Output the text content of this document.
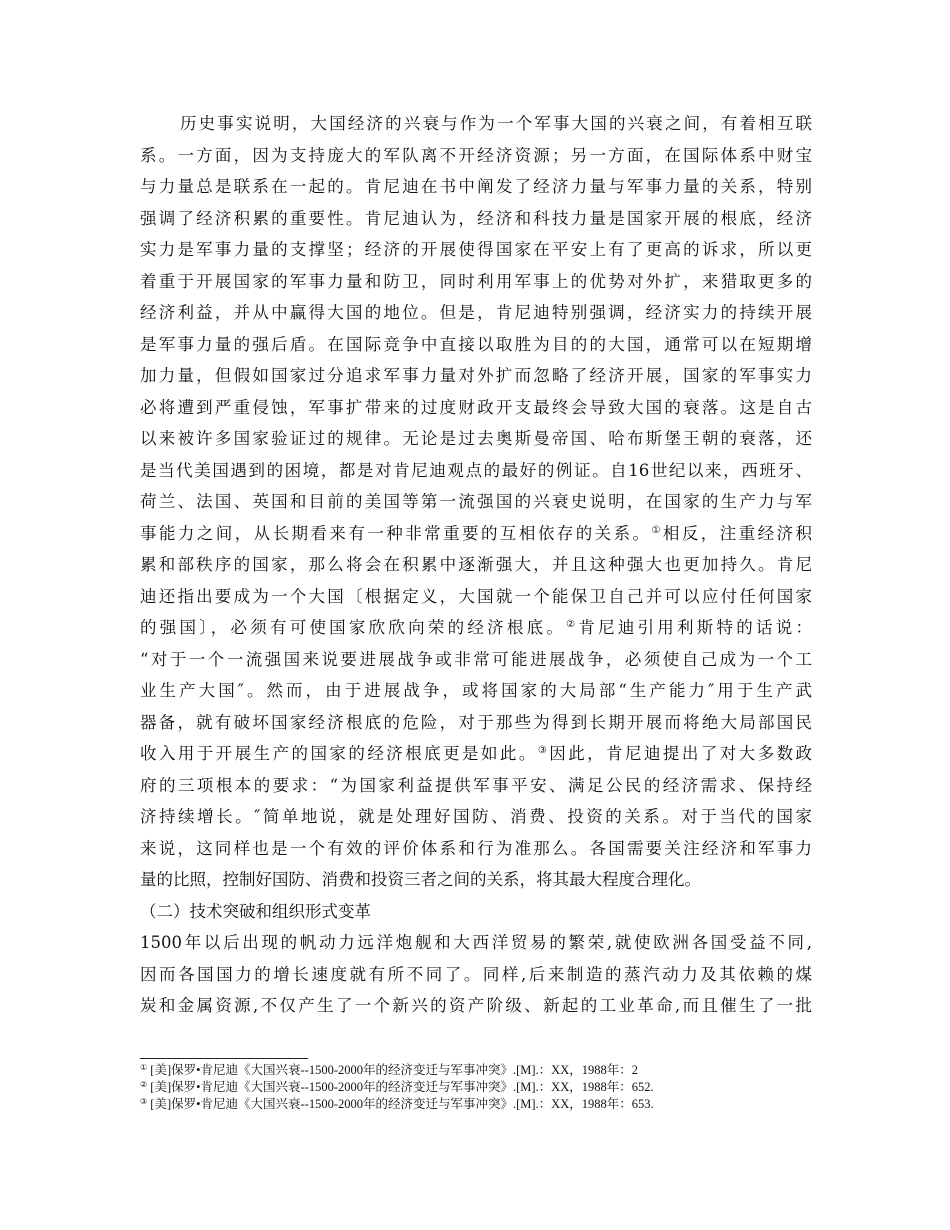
历史事实说明，大国经济的兴衰与作为一个军事大国的兴衰之间，有着相互联
系。一方面，因为支持庞大的军队离不开经济资源；另一方面，在国际体系中财宝
与力量总是联系在一起的。肯尼迪在书中阐发了经济力量与军事力量的关系，特别
强调了经济积累的重要性。肯尼迪认为，经济和科技力量是国家开展的根底，经济
实力是军事力量的支撑坚；经济的开展使得国家在平安上有了更高的诉求，所以更
着重于开展国家的军事力量和防卫，同时利用军事上的优势对外扩，来猎取更多的
经济利益，并从中赢得大国的地位。但是，肯尼迪特别强调，经济实力的持续开展
是军事力量的强后盾。在国际竞争中直接以取胜为目的的大国，通常可以在短期增
加力量，但假如国家过分追求军事力量对外扩而忽略了经济开展，国家的军事实力
必将遭到严重侵蚀，军事扩带来的过度财政开支最终会导致大国的衰落。这是自古
以来被许多国家验证过的规律。无论是过去奥斯曼帝国、哈布斯堡王朝的衰落，还
是当代美国遇到的困境，都是对肯尼迪观点的最好的例证。自16世纪以来，西班牙、
荷兰、法国、英国和目前的美国等第一流强国的兴衰史说明，在国家的生产力与军
事能力之间，从长期看来有一种非常重要的互相依存的关系。①相反，注重经济积
累和部秩序的国家，那么将会在积累中逐渐强大，并且这种强大也更加持久。肯尼
迪还指出要成为一个大国〔根据定义，大国就一个能保卫自己并可以应付任何国家
的强国〕，必须有可使国家欣欣向荣的经济根底。②肯尼迪引用利斯特的话说：
“对于一个一流强国来说要进展战争或非常可能进展战争，必须使自己成为一个工
业生产大国″。然而，由于进展战争，或将国家的大局部“生产能力″用于生产武
器备，就有破坏国家经济根底的危险，对于那些为得到长期开展而将绝大局部国民
收入用于开展生产的国家的经济根底更是如此。③因此，肯尼迪提出了对大多数政
府的三项根本的要求：“为国家利益提供军事平安、满足公民的经济需求、保持经
济持续增长。″简单地说，就是处理好国防、消费、投资的关系。对于当代的国家
来说，这同样也是一个有效的评价体系和行为准那么。各国需要关注经济和军事力
量的比照，控制好国防、消费和投资三者之间的关系，将其最大程度合理化。
（二）技术突破和组织形式变革
1500年以后出现的帆动力远洋炮舰和大西洋贸易的繁荣,就使欧洲各国受益不同,
因而各国国力的增长速度就有所不同了。同样,后来制造的蒸汽动力及其依赖的煤
炭和金属资源,不仅产生了一个新兴的资产阶级、新起的工业革命,而且催生了一批
① [美]保罗•肯尼迪《大国兴衰--1500-2000年的经济变迁与军事冲突》.[M].：XX，1988年：2
② [美]保罗•肯尼迪《大国兴衰--1500-2000年的经济变迁与军事冲突》.[M].：XX，1988年：652.
③ [美]保罗•肯尼迪《大国兴衰--1500-2000年的经济变迁与军事冲突》.[M].：XX，1988年：653.
